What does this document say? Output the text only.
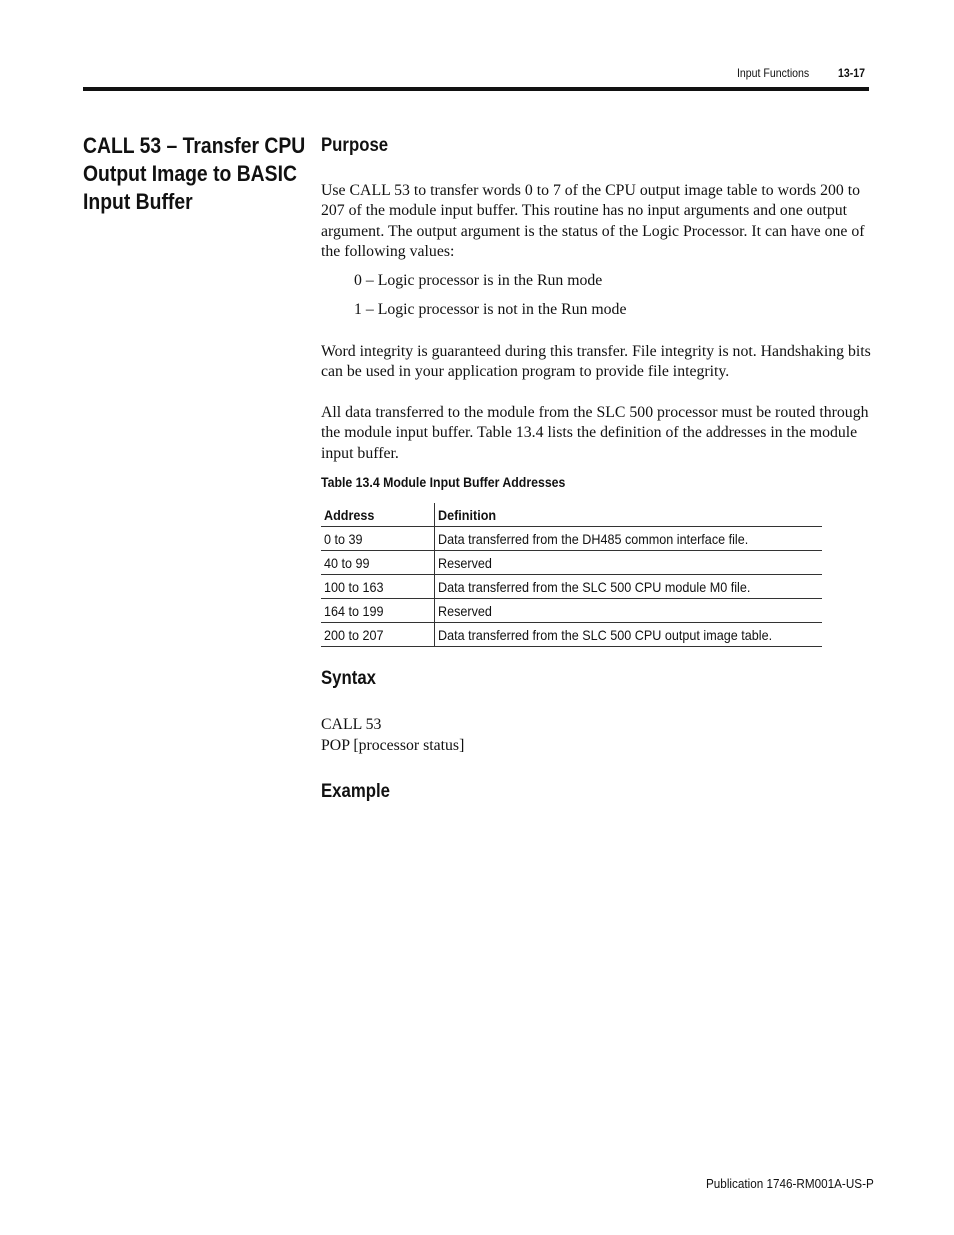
Input Functions	13-17
CALL 53 – Transfer CPU
Output Image to BASIC
Input Buffer
Purpose

Use CALL 53 to transfer words 0 to 7 of the CPU output image table to words 200 to 207 of the module input buffer. This routine has no input arguments and one output argument. The output argument is the status of the Logic Processor. It can have one of the following values:

0 – Logic processor is in the Run mode
1 – Logic processor is not in the Run mode

Word integrity is guaranteed during this transfer. File integrity is not. Handshaking bits can be used in your application program to provide file integrity.

All data transferred to the module from the SLC 500 processor must be routed through the module input buffer. Table 13.4 lists the definition of the addresses in the module input buffer.

Table 13.4 Module Input Buffer Addresses
Address	Definition
0 to 39	Data transferred from the DH485 common interface file.
40 to 99	Reserved
100 to 163	Data transferred from the SLC 500 CPU module M0 file.
164 to 199	Reserved
200 to 207	Data transferred from the SLC 500 CPU output image table.
Syntax
CALL 53
POP [processor status]
Example
Publication 1746-RM001A-US-P
